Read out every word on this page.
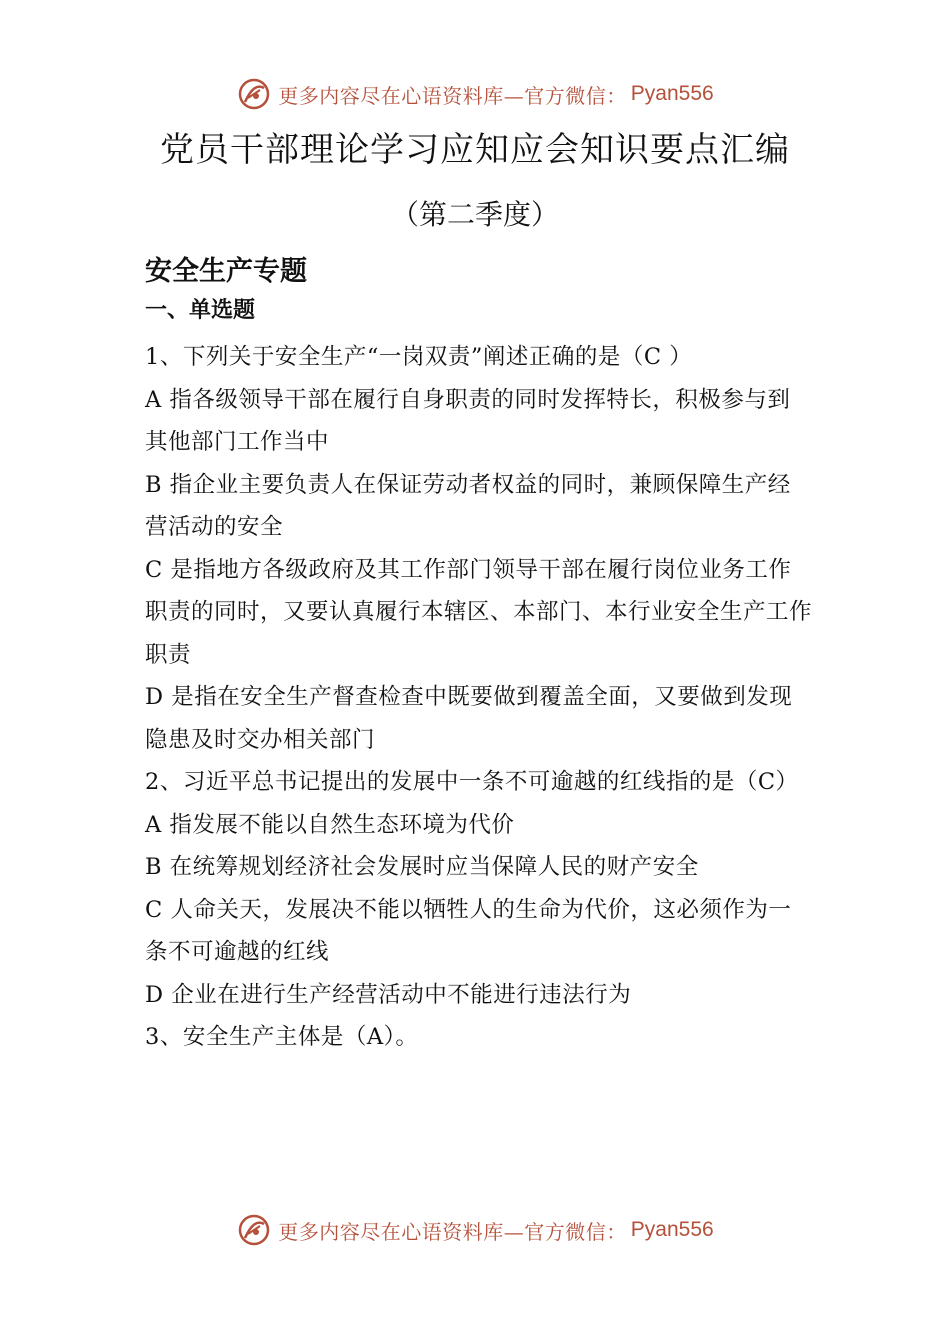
更多内容尽在心语资料库—官方微信： Pyan556
党员干部理论学习应知应会知识要点汇编
（第二季度）
安全生产专题
一、单选题

1、下列关于安全生产“一岗双责”阐述正确的是（C ）

A 指各级领导干部在履行自身职责的同时发挥特长，积极参与到其他部门工作当中

B 指企业主要负责人在保证劳动者权益的同时，兼顾保障生产经营活动的安全

C 是指地方各级政府及其工作部门领导干部在履行岗位业务工作职责的同时，又要认真履行本辖区、本部门、本行业安全生产工作职责

D 是指在安全生产督查检查中既要做到覆盖全面，又要做到发现隐患及时交办相关部门

2、习近平总书记提出的发展中一条不可逾越的红线指的是（C）

A 指发展不能以自然生态环境为代价

B 在统筹规划经济社会发展时应当保障人民的财产安全

C 人命关天，发展决不能以牺牲人的生命为代价，这必须作为一条不可逾越的红线

D 企业在进行生产经营活动中不能进行违法行为

3、安全生产主体是（A）。

更多内容尽在心语资料库—官方微信： Pyan556
